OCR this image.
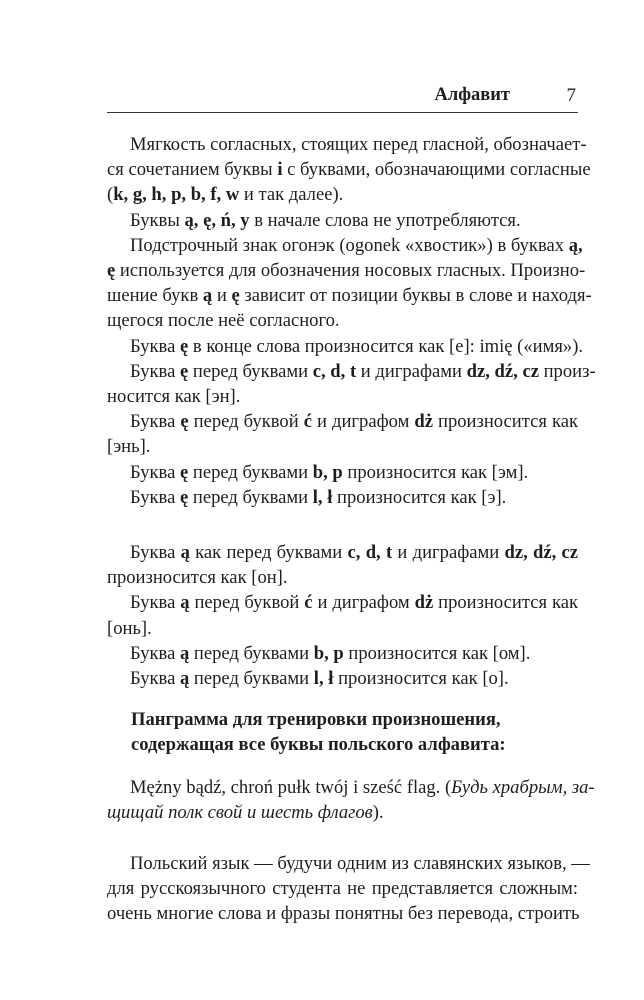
Алфавит	7
Мягкость согласных, стоящих перед гласной, обозначает-
ся сочетанием буквы i с буквами, обозначающими согласные
(k, g, h, p, b, f, w и так далее).
Буквы ą, ę, ń, y в начале слова не употребляются.
Подстрочный знак огонэк (ogonek «хвостик») в буквах ą,
ę используется для обозначения носовых гласных. Произно-
шение букв ą и ę зависит от позиции буквы в слове и находя-
щегося после неё согласного.
Буква ę в конце слова произносится как [e]: imię («имя»).
Буква ę перед буквами c, d, t и диграфами dz, dź, cz произ-
носится как [эн].
Буква ę перед буквой ć и диграфом dż произносится как
[энь].
Буква ę перед буквами b, p произносится как [эм].
Буква ę перед буквами l, ł произносится как [э].
Буква ą как перед буквами c, d, t и диграфами dz, dź, cz
произносится как [он].
Буква ą перед буквой ć и диграфом dż произносится как
[онь].
Буква ą перед буквами b, p произносится как [ом].
Буква ą перед буквами l, ł произносится как [о].
Панграмма для тренировки произношения,
содержащая все буквы польского алфавита:
Mężny bądź, chroń pułk twój i sześć flag. (Будь храбрым, за-
щищай полк свой и шесть флагов).
Польский язык — будучи одним из славянских языков, —
для русскоязычного студента не представляется сложным:
очень многие слова и фразы понятны без перевода, строить
